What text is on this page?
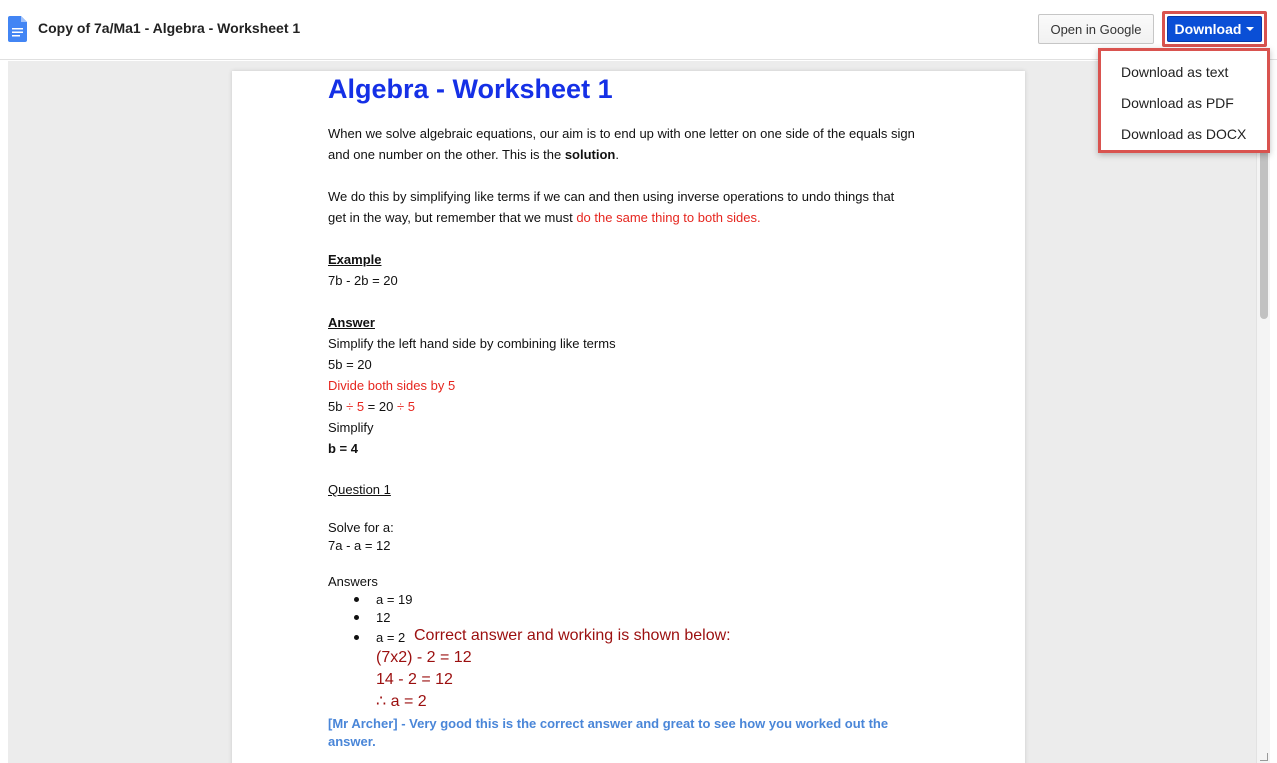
Copy of 7a/Ma1 - Algebra - Worksheet 1	Open in Google	Download
Algebra - Worksheet 1
When we solve algebraic equations, our aim is to end up with one letter on one side of the equals sign
and one number on the other. This is the solution.
We do this by simplifying like terms if we can and then using inverse operations to undo things that
get in the way, but remember that we must do the same thing to both sides.
Example
7b - 2b = 20
Answer
Simplify the left hand side by combining like terms
5b = 20
Divide both sides by 5
5b ÷ 5 = 20 ÷ 5
Simplify
b = 4
Question 1
Solve for a:
7a - a = 12
Answers
a = 19
12
a = 2 Correct answer and working is shown below:
(7x2) - 2 = 12
14 - 2 = 12
∴ a = 2
[Mr Archer] - Very good this is the correct answer and great to see how you worked out the
answer.
Download as text
Download as PDF
Download as DOCX
